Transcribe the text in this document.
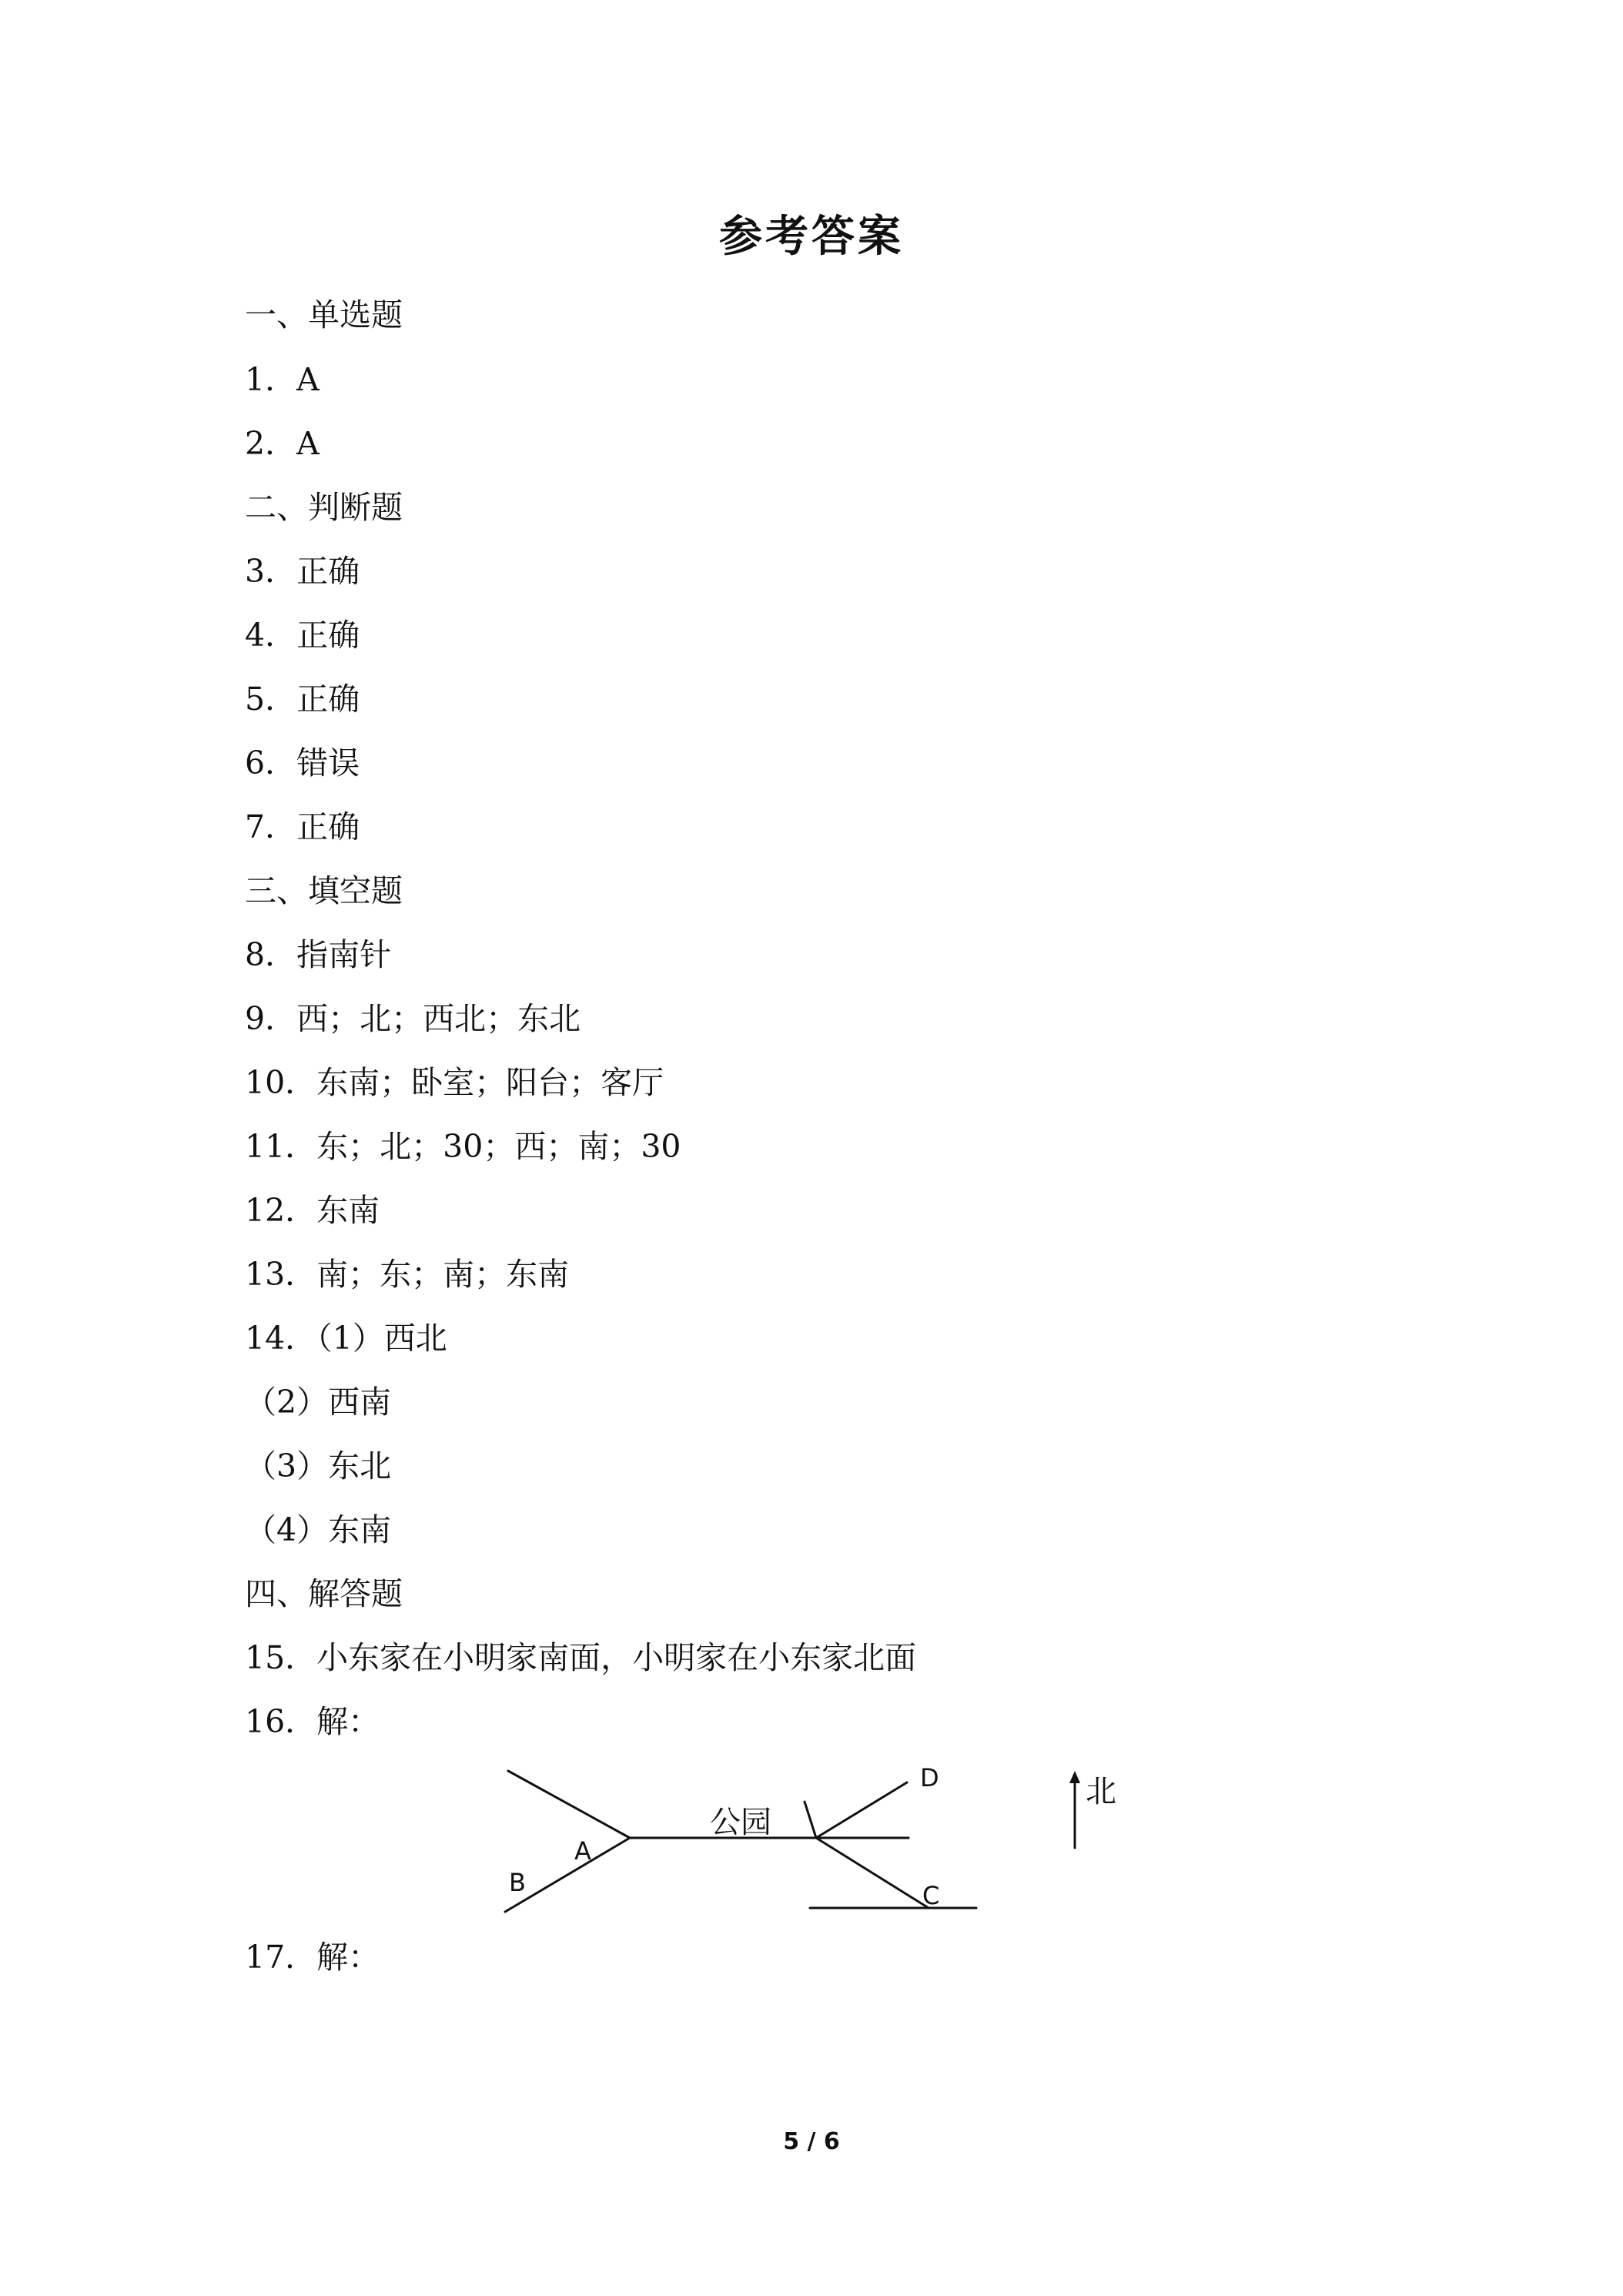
参考答案
一、单选题
1．A
2．A
二、判断题
3．正确
4．正确
5．正确
6．错误
7．正确
三、填空题
8．指南针
9．西；北；西北；东北
10．东南；卧室；阳台；客厅
11．东；北；30；西；南；30
12．东南
13．南；东；南；东南
14．（1）西北
（2）西南
（3）东北
（4）东南
四、解答题
15．小东家在小明家南面，小明家在小东家北面
16．解：
公园
A
B
D
C
北
17．解：
5 / 6
